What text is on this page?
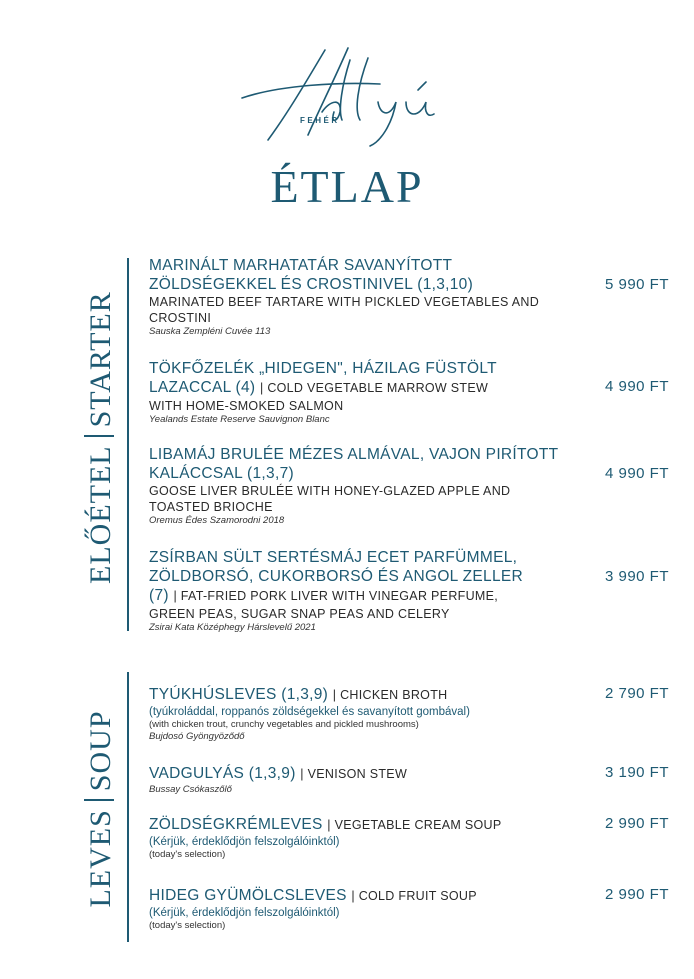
FEHÉR
ÉTLAP
ELŐÉTELSTARTER
MARINÁLT MARHATATÁR SAVANYÍTOTT ZÖLDSÉGEKKEL ÉS CROSTINIVEL (1,3,10)
MARINATED BEEF TARTARE WITH PICKLED VEGETABLES AND CROSTINI
Sauska Zempléni Cuvée 113
5 990 FT
TÖKFŐZELÉK „HIDEGEN", HÁZILAG FÜSTÖLT
LAZACCAL (4) | COLD VEGETABLE MARROW STEW
WITH HOME-SMOKED SALMON
Yealands Estate Reserve Sauvignon Blanc
4 990 FT
LIBAMÁJ BRULÉE MÉZES ALMÁVAL, VAJON PIRÍTOTT KALÁCCSAL (1,3,7)
GOOSE LIVER BRULÉE WITH HONEY-GLAZED APPLE AND TOASTED BRIOCHE
Oremus Édes Szamorodni 2018
4 990 FT
ZSÍRBAN SÜLT SERTÉSMÁJ ECET PARFÜMMEL,
ZÖLDBORSÓ, CUKORBORSÓ ÉS ANGOL ZELLER
(7) | FAT-FRIED PORK LIVER WITH VINEGAR PERFUME,
GREEN PEAS, SUGAR SNAP PEAS AND CELERY
Zsirai Kata Középhegy Hárslevelű 2021
3 990 FT
LEVESSOUP
TYÚKHÚSLEVES (1,3,9) | CHICKEN BROTH
(tyúkroláddal, roppanós zöldségekkel és savanyított gombával)
(with chicken trout, crunchy vegetables and pickled mushrooms)
Bujdosó Gyöngyöződő
2 790 FT
VADGULYÁS (1,3,9) | VENISON STEW
Bussay Csókaszőlő
3 190 FT
ZÖLDSÉGKRÉMLEVES | VEGETABLE CREAM SOUP
(Kérjük, érdeklődjön felszolgálóinktól)
(today's selection)
2 990 FT
HIDEG GYÜMÖLCSLEVES | COLD FRUIT SOUP
(Kérjük, érdeklődjön felszolgálóinktól)
(today's selection)
2 990 FT
